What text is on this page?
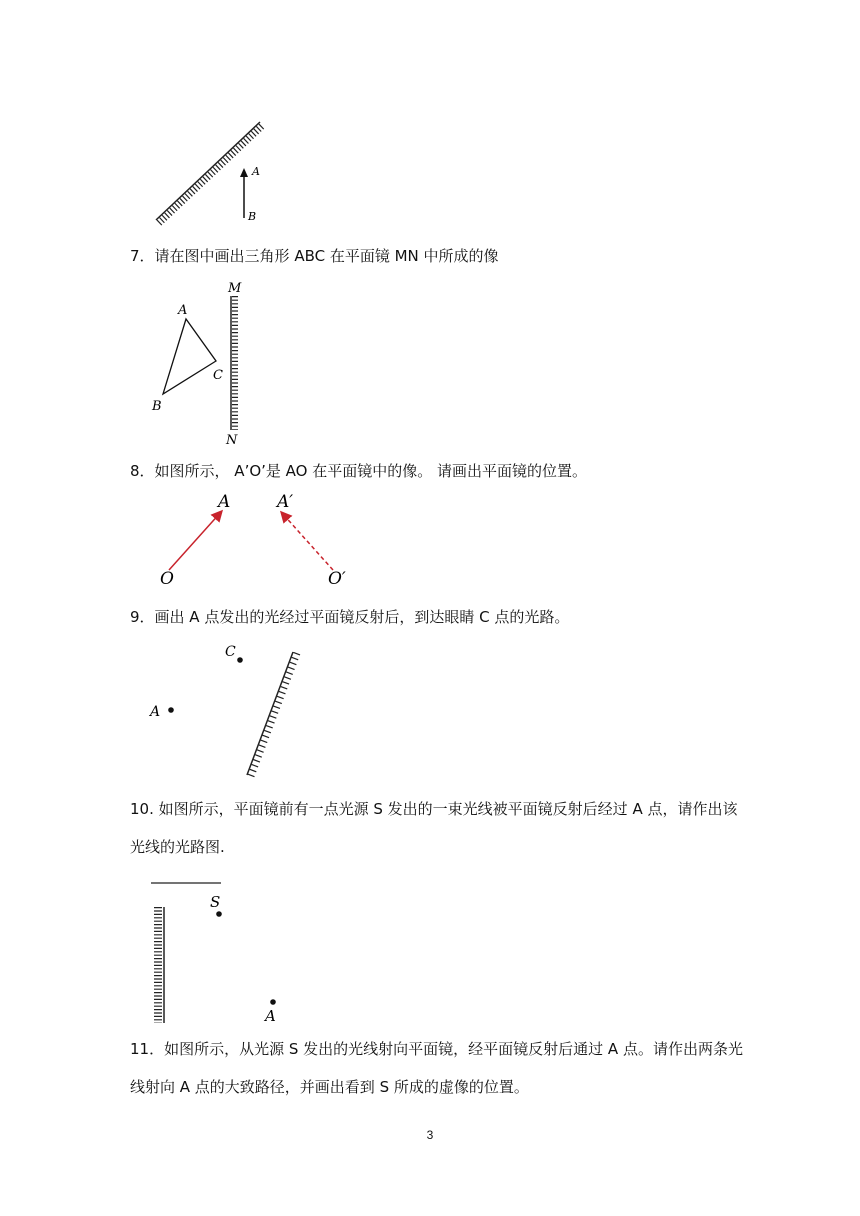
A
B

7．请在图中画出三角形 ABC 在平面镜 MN 中所成的像

M
N
A
B
C

8．如图所示， A’O’是 AO 在平面镜中的像。 请画出平面镜的位置。

A	A′
O	O′

9．画出 A 点发出的光经过平面镜反射后，到达眼睛 C 点的光路。

C
A

10. 如图所示，平面镜前有一点光源 S 发出的一束光线被平面镜反射后经过 A 点，请作出该光线的光路图.

S
A

11．如图所示，从光源 S 发出的光线射向平面镜，经平面镜反射后通过 A 点。请作出两条光线射向 A 点的大致路径，并画出看到 S 所成的虚像的位置。

3
